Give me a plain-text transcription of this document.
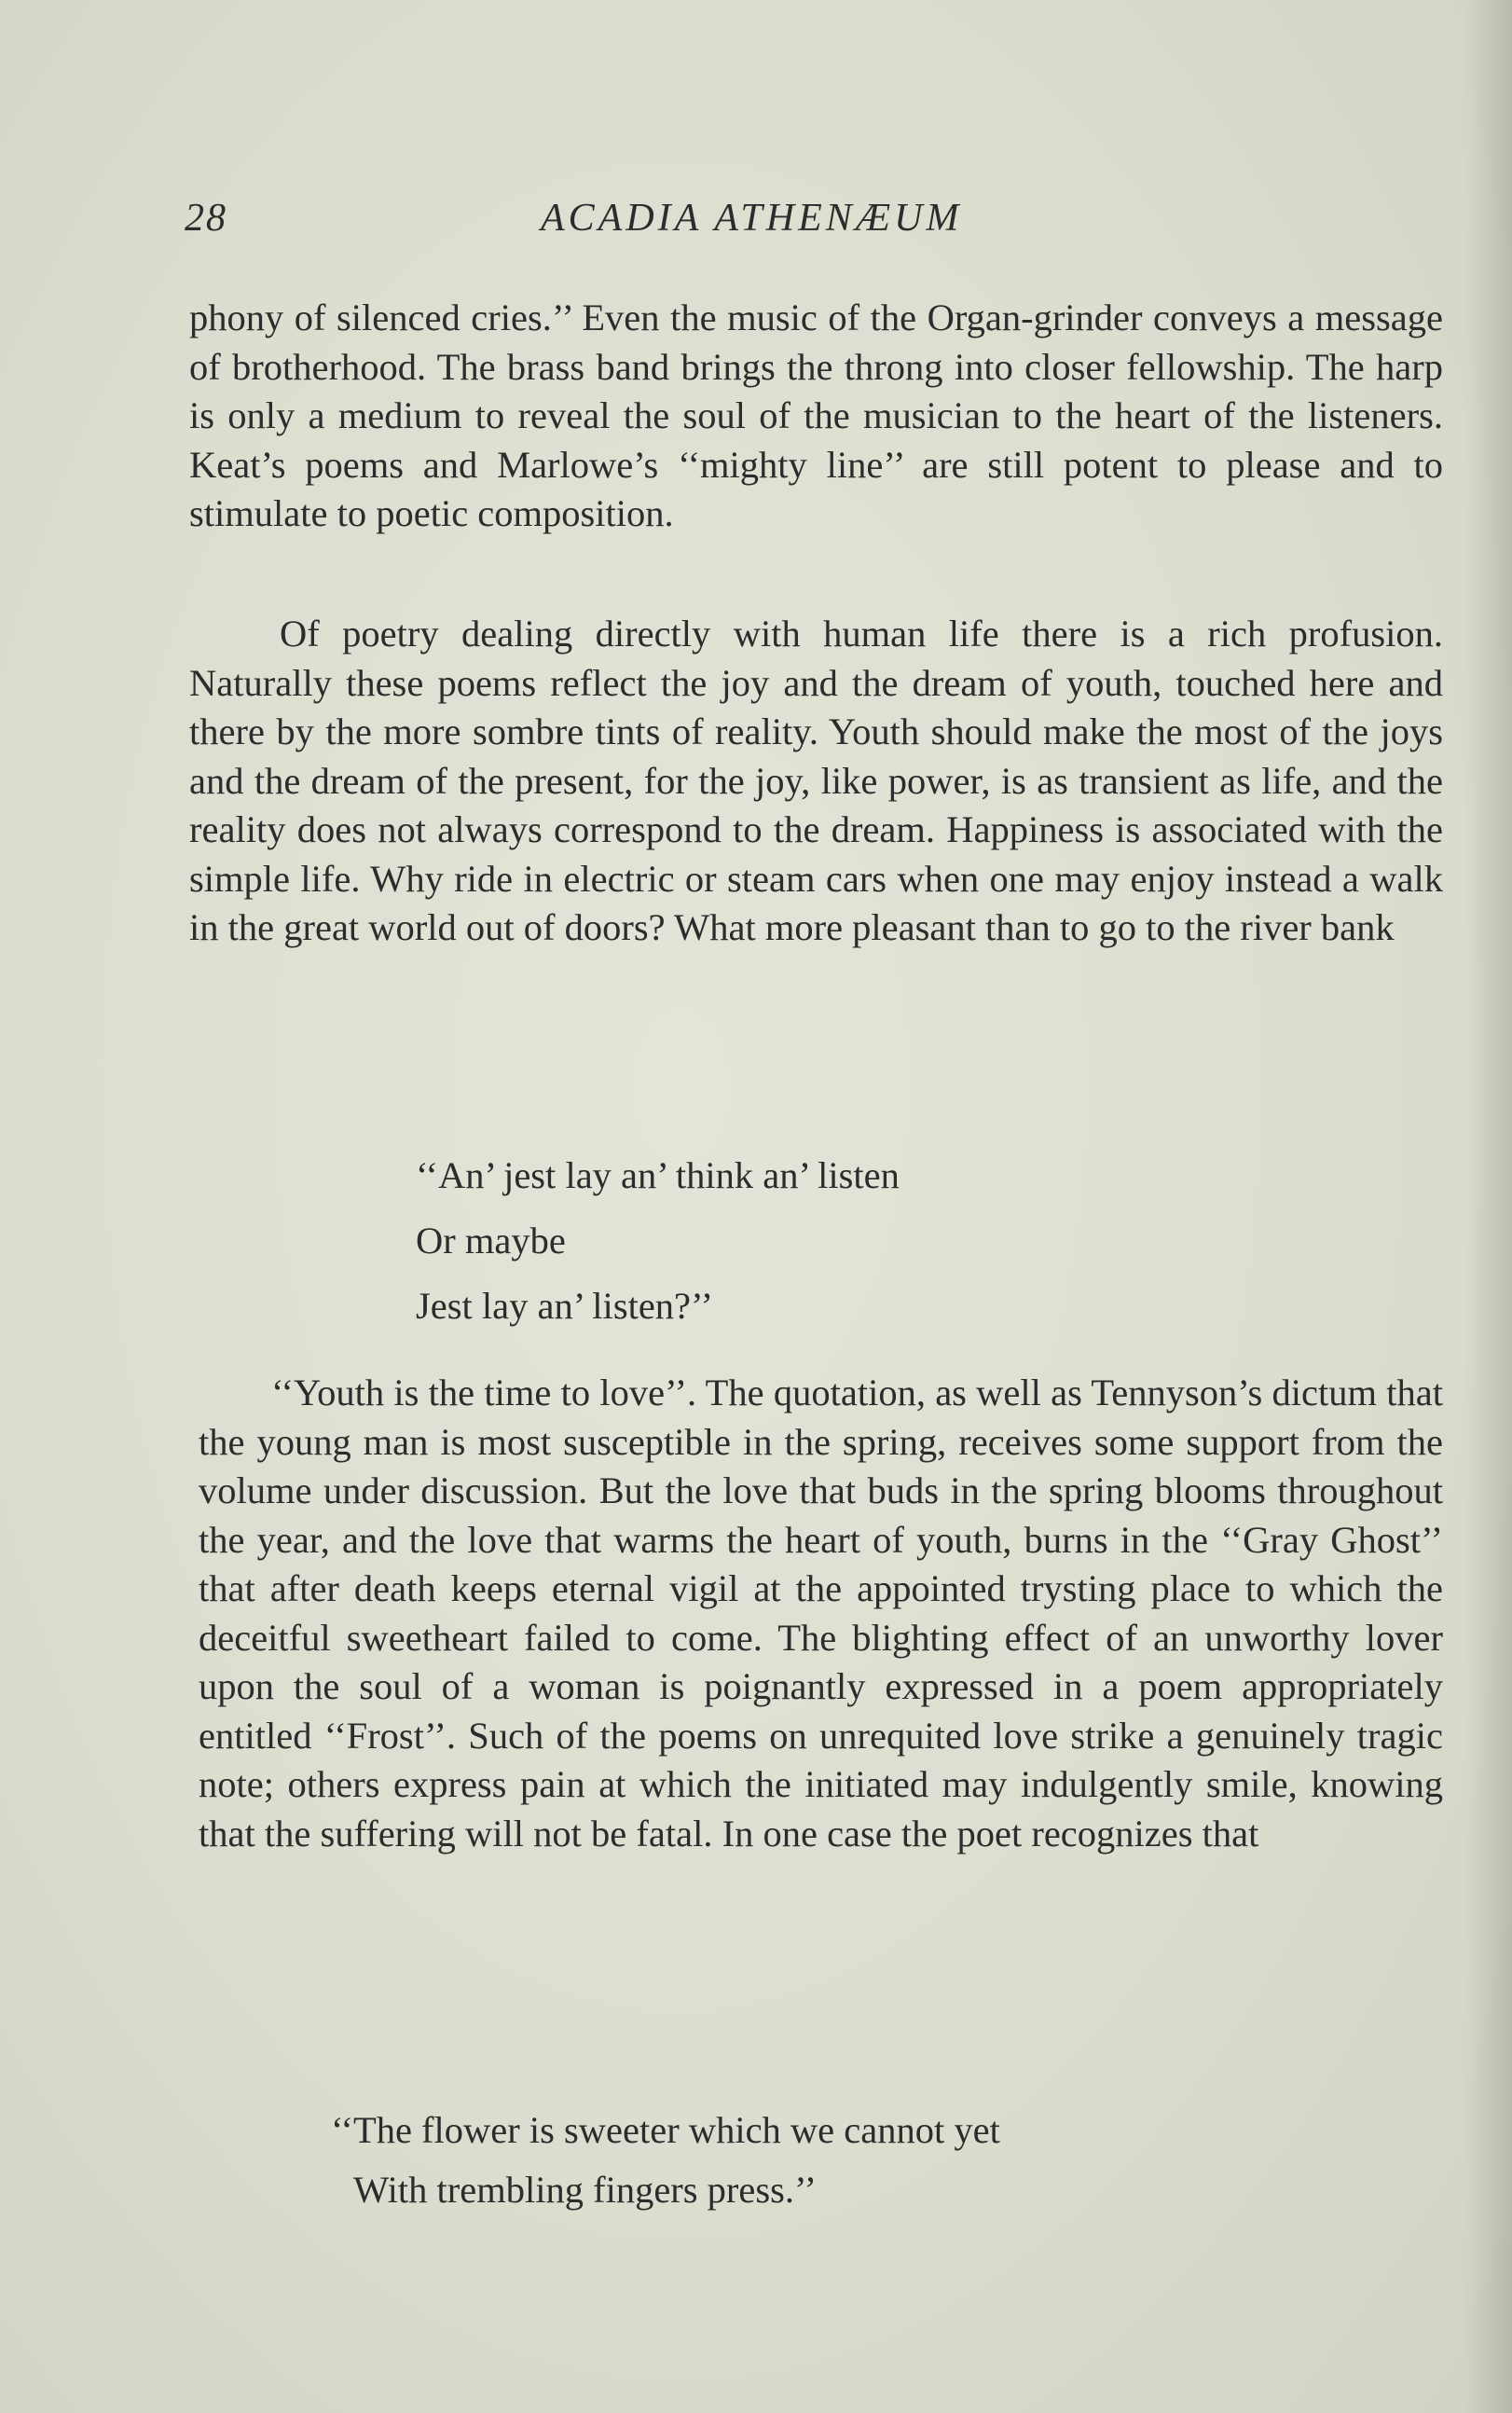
28	ACADIA ATHENÆUM

phony of silenced cries.’’ Even the music of the Organ-grinder conveys a message of brotherhood. The brass band brings the throng into closer fellowship. The harp is only a medium to reveal the soul of the musician to the heart of the listeners. Keat’s poems and Marlowe’s ‘‘mighty line’’ are still potent to please and to stimulate to poetic composition.

Of poetry dealing directly with human life there is a rich profusion. Naturally these poems reflect the joy and the dream of youth, touched here and there by the more sombre tints of reality. Youth should make the most of the joys and the dream of the present, for the joy, like power, is as transient as life, and the reality does not always correspond to the dream. Happiness is associated with the simple life. Why ride in electric or steam cars when one may enjoy instead a walk in the great world out of doors? What more pleasant than to go to the river bank

‘‘An’ jest lay an’ think an’ listen
Or maybe
Jest lay an’ listen?’’

‘‘Youth is the time to love’’. The quotation, as well as Tennyson’s dictum that the young man is most susceptible in the spring, receives some support from the volume under discussion. But the love that buds in the spring blooms throughout the year, and the love that warms the heart of youth, burns in the ‘‘Gray Ghost’’ that after death keeps eternal vigil at the appointed trysting place to which the deceitful sweetheart failed to come. The blighting effect of an unworthy lover upon the soul of a woman is poignantly expressed in a poem appropriately entitled ‘‘Frost’’. Such of the poems on unrequited love strike a genuinely tragic note; others express pain at which the initiated may indulgently smile, knowing that the suffering will not be fatal. In one case the poet recognizes that

‘‘The flower is sweeter which we cannot yet
With trembling fingers press.’’
